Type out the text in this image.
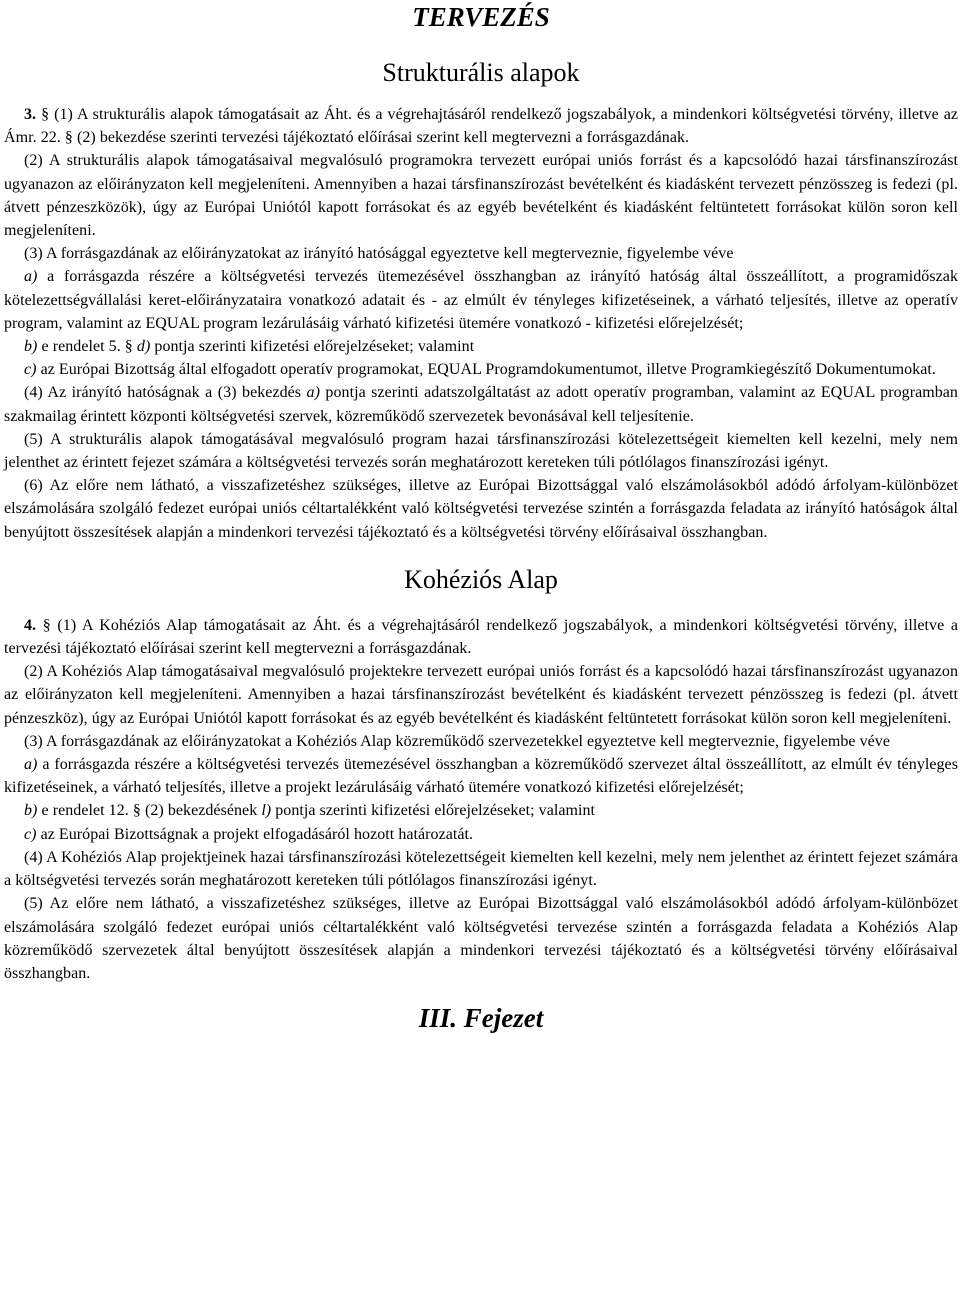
TERVEZÉS
Strukturális alapok

3. § (1) A strukturális alapok támogatásait az Áht. és a végrehajtásáról rendelkező jogszabályok, a mindenkori költségvetési törvény, illetve az Ámr. 22. § (2) bekezdése szerinti tervezési tájékoztató előírásai szerint kell megtervezni a forrásgazdának.

(2) A strukturális alapok támogatásaival megvalósuló programokra tervezett európai uniós forrást és a kapcsolódó hazai társfinanszírozást ugyanazon az előirányzaton kell megjeleníteni. Amennyiben a hazai társfinanszírozást bevételként és kiadásként tervezett pénzösszeg is fedezi (pl. átvett pénzeszközök), úgy az Európai Uniótól kapott forrásokat és az egyéb bevételként és kiadásként feltüntetett forrásokat külön soron kell megjeleníteni.

(3) A forrásgazdának az előirányzatokat az irányító hatósággal egyeztetve kell megterveznie, figyelembe véve

a) a forrásgazda részére a költségvetési tervezés ütemezésével összhangban az irányító hatóság által összeállított, a programidőszak kötelezettségvállalási keret-előirányzataira vonatkozó adatait és - az elmúlt év tényleges kifizetéseinek, a várható teljesítés, illetve az operatív program, valamint az EQUAL program lezárulásáig várható kifizetési ütemére vonatkozó - kifizetési előrejelzését;

b) e rendelet 5. § d) pontja szerinti kifizetési előrejelzéseket; valamint

c) az Európai Bizottság által elfogadott operatív programokat, EQUAL Programdokumentumot, illetve Programkiegészítő Dokumentumokat.

(4) Az irányító hatóságnak a (3) bekezdés a) pontja szerinti adatszolgáltatást az adott operatív programban, valamint az EQUAL programban szakmailag érintett központi költségvetési szervek, közreműködő szervezetek bevonásával kell teljesítenie.

(5) A strukturális alapok támogatásával megvalósuló program hazai társfinanszírozási kötelezettségeit kiemelten kell kezelni, mely nem jelenthet az érintett fejezet számára a költségvetési tervezés során meghatározott kereteken túli pótlólagos finanszírozási igényt.

(6) Az előre nem látható, a visszafizetéshez szükséges, illetve az Európai Bizottsággal való elszámolásokból adódó árfolyam-különbözet elszámolására szolgáló fedezet európai uniós céltartalékként való költségvetési tervezése szintén a forrásgazda feladata az irányító hatóságok által benyújtott összesítések alapján a mindenkori tervezési tájékoztató és a költségvetési törvény előírásaival összhangban.

Kohéziós Alap

4. § (1) A Kohéziós Alap támogatásait az Áht. és a végrehajtásáról rendelkező jogszabályok, a mindenkori költségvetési törvény, illetve a tervezési tájékoztató előírásai szerint kell megtervezni a forrásgazdának.

(2) A Kohéziós Alap támogatásaival megvalósuló projektekre tervezett európai uniós forrást és a kapcsolódó hazai társfinanszírozást ugyanazon az előirányzaton kell megjeleníteni. Amennyiben a hazai társfinanszírozást bevételként és kiadásként tervezett pénzösszeg is fedezi (pl. átvett pénzeszköz), úgy az Európai Uniótól kapott forrásokat és az egyéb bevételként és kiadásként feltüntetett forrásokat külön soron kell megjeleníteni.

(3) A forrásgazdának az előirányzatokat a Kohéziós Alap közreműködő szervezetekkel egyeztetve kell megterveznie, figyelembe véve

a) a forrásgazda részére a költségvetési tervezés ütemezésével összhangban a közreműködő szervezet által összeállított, az elmúlt év tényleges kifizetéseinek, a várható teljesítés, illetve a projekt lezárulásáig várható ütemére vonatkozó kifizetési előrejelzését;

b) e rendelet 12. § (2) bekezdésének l) pontja szerinti kifizetési előrejelzéseket; valamint

c) az Európai Bizottságnak a projekt elfogadásáról hozott határozatát.

(4) A Kohéziós Alap projektjeinek hazai társfinanszírozási kötelezettségeit kiemelten kell kezelni, mely nem jelenthet az érintett fejezet számára a költségvetési tervezés során meghatározott kereteken túli pótlólagos finanszírozási igényt.

(5) Az előre nem látható, a visszafizetéshez szükséges, illetve az Európai Bizottsággal való elszámolásokból adódó árfolyam-különbözet elszámolására szolgáló fedezet európai uniós céltartalékként való költségvetési tervezése szintén a forrásgazda feladata a Kohéziós Alap közreműködő szervezetek által benyújtott összesítések alapján a mindenkori tervezési tájékoztató és a költségvetési törvény előírásaival összhangban.

III. Fejezet
